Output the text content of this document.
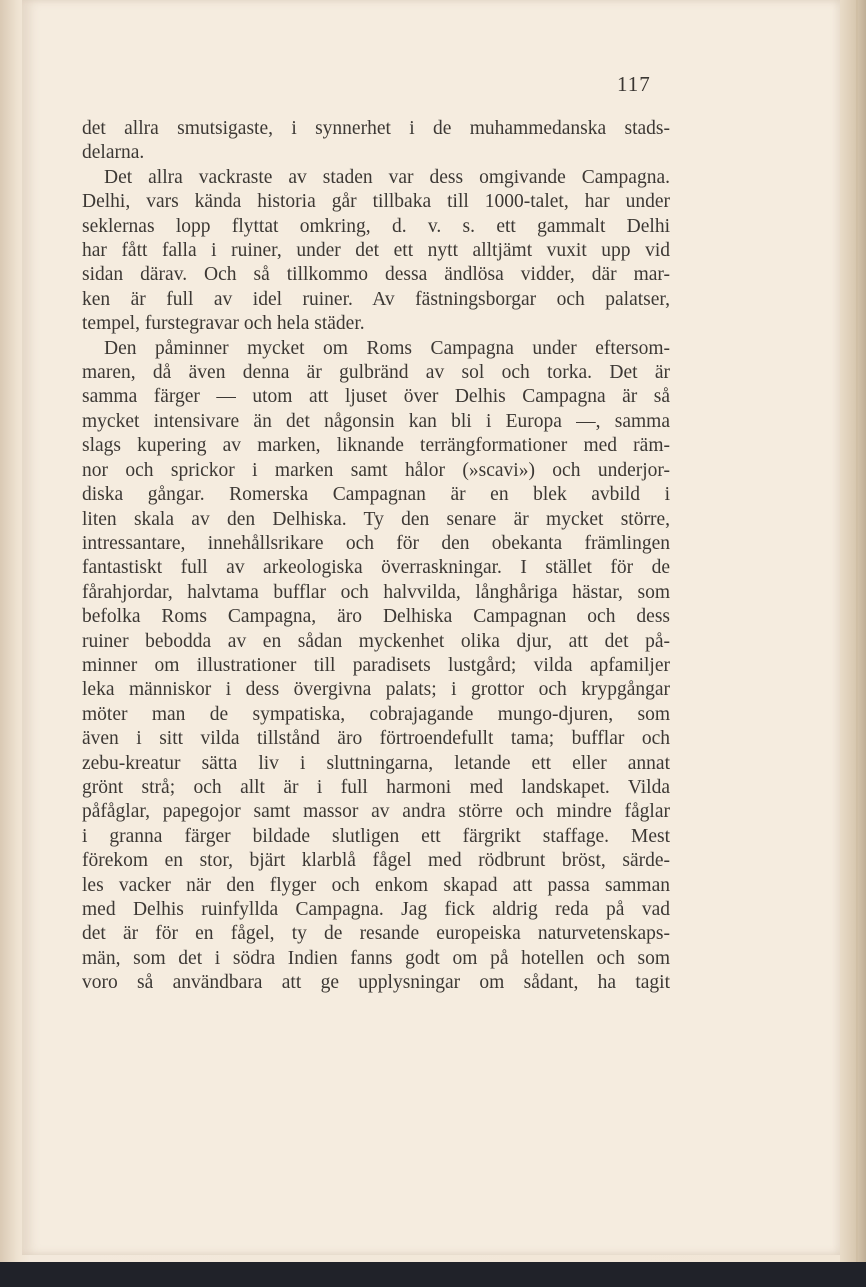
117

det allra smutsigaste, i synnerhet i de muhammedanska stads-

delarna.

Det allra vackraste av staden var dess omgivande Campagna.

Delhi, vars kända historia går tillbaka till 1000-talet, har under

seklernas lopp flyttat omkring, d. v. s. ett gammalt Delhi

har fått falla i ruiner, under det ett nytt alltjämt vuxit upp vid

sidan därav. Och så tillkommo dessa ändlösa vidder, där mar-

ken är full av idel ruiner. Av fästningsborgar och palatser,

tempel, furstegravar och hela städer.

Den påminner mycket om Roms Campagna under eftersom-

maren, då även denna är gulbränd av sol och torka. Det är

samma färger — utom att ljuset över Delhis Campagna är så

mycket intensivare än det någonsin kan bli i Europa —, samma

slags kupering av marken, liknande terrängformationer med räm-

nor och sprickor i marken samt hålor (»scavi») och underjor-

diska gångar. Romerska Campagnan är en blek avbild i

liten skala av den Delhiska. Ty den senare är mycket större,

intressantare, innehållsrikare och för den obekanta främlingen

fantastiskt full av arkeologiska överraskningar. I stället för de

fårahjordar, halvtama bufflar och halvvilda, långhåriga hästar, som

befolka Roms Campagna, äro Delhiska Campagnan och dess

ruiner bebodda av en sådan myckenhet olika djur, att det på-

minner om illustrationer till paradisets lustgård; vilda apfamiljer

leka människor i dess övergivna palats; i grottor och krypgångar

möter man de sympatiska, cobrajagande mungo-djuren, som

även i sitt vilda tillstånd äro förtroendefullt tama; bufflar och

zebu-kreatur sätta liv i sluttningarna, letande ett eller annat

grönt strå; och allt är i full harmoni med landskapet. Vilda

påfåglar, papegojor samt massor av andra större och mindre fåglar

i granna färger bildade slutligen ett färgrikt staffage. Mest

förekom en stor, bjärt klarblå fågel med rödbrunt bröst, särde-

les vacker när den flyger och enkom skapad att passa samman

med Delhis ruinfyllda Campagna. Jag fick aldrig reda på vad

det är för en fågel, ty de resande europeiska naturvetenskaps-

män, som det i södra Indien fanns godt om på hotellen och som

voro så användbara att ge upplysningar om sådant, ha tagit
